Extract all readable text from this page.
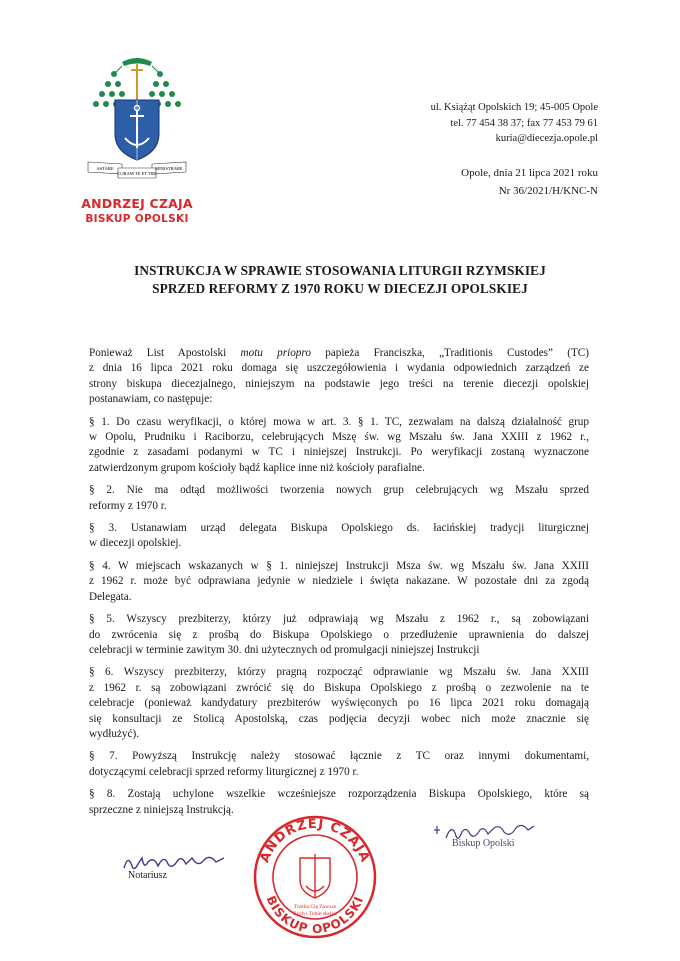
ASTARE	MINISTRARE
CORAM TE ET TIBI
ANDRZEJ CZAJA
BISKUP OPOLSKI
ul. Książąt Opolskich 19; 45-005 Opole
tel. 77 454 38 37; fax 77 453 79 61
kuria@diecezja.opole.pl
Opole, dnia 21 lipca 2021 roku
Nr 36/2021/H/KNC-N
INSTRUKCJA W SPRAWIE STOSOWANIA LITURGII RZYMSKIEJ
SPRZED REFORMY Z 1970 ROKU W DIECEZJI OPOLSKIEJ
Ponieważ List Apostolski motu priopro papieża Franciszka, „Traditionis Custodes” (TC)
z dnia 16 lipca 2021 roku domaga się uszczegółowienia i wydania odpowiednich zarządzeń ze
strony biskupa diecezjalnego, niniejszym na podstawie jego treści na terenie diecezji opolskiej
postanawiam, co następuje:
§ 1. Do czasu weryfikacji, o której mowa w art. 3. § 1. TC, zezwalam na dalszą działalność grup
w Opolu, Prudniku i Raciborzu, celebrujących Mszę św. wg Mszału św. Jana XXIII z 1962 r.,
zgodnie z zasadami podanymi w TC i niniejszej Instrukcji. Po weryfikacji zostaną wyznaczone
zatwierdzonym grupom kościoły bądź kaplice inne niż kościoły parafialne.
§ 2. Nie ma odtąd możliwości tworzenia nowych grup celebrujących wg Mszału sprzed
reformy z 1970 r.
§ 3. Ustanawiam urząd delegata Biskupa Opolskiego ds. łacińskiej tradycji liturgicznej
w diecezji opolskiej.
§ 4. W miejscach wskazanych w § 1. niniejszej Instrukcji Msza św. wg Mszału św. Jana XXIII
z 1962 r. może być odprawiana jedynie w niedziele i święta nakazane. W pozostałe dni za zgodą
Delegata.
§ 5. Wszyscy prezbiterzy, którzy już odprawiają wg Mszału z 1962 r., są zobowiązani
do zwrócenia się z prośbą do Biskupa Opolskiego o przedłużenie uprawnienia do dalszej
celebracji w terminie zawitym 30. dni użytecznych od promulgacji niniejszej Instrukcji
§ 6. Wszyscy prezbiterzy, którzy pragną rozpocząć odprawianie wg Mszału św. Jana XXIII
z 1962 r. są zobowiązani zwrócić się do Biskupa Opolskiego z prośbą o zezwolenie na te
celebracje (ponieważ kandydatury prezbiterów wyświęconych po 16 lipca 2021 roku domagają
się konsultacji ze Stolicą Apostolską, czas podjęcia decyzji wobec nich może znacznie się
wydłużyć).
§ 7. Powyższą Instrukcję należy stosować łącznie z TC oraz innymi dokumentami,
dotyczącymi celebracji sprzed reformy liturgicznej z 1970 r.
§ 8. Zostają uchylone wszelkie wcześniejsze rozporządzenia Biskupa Opolskiego, które są
sprzeczne z niniejszą Instrukcją.
Notariusz
ANDRZEJ CZAJA
BISKUP OPOLSKI
Trzeba Cię Zawsze
Ruch i Tobie służyć
Biskup Opolski
